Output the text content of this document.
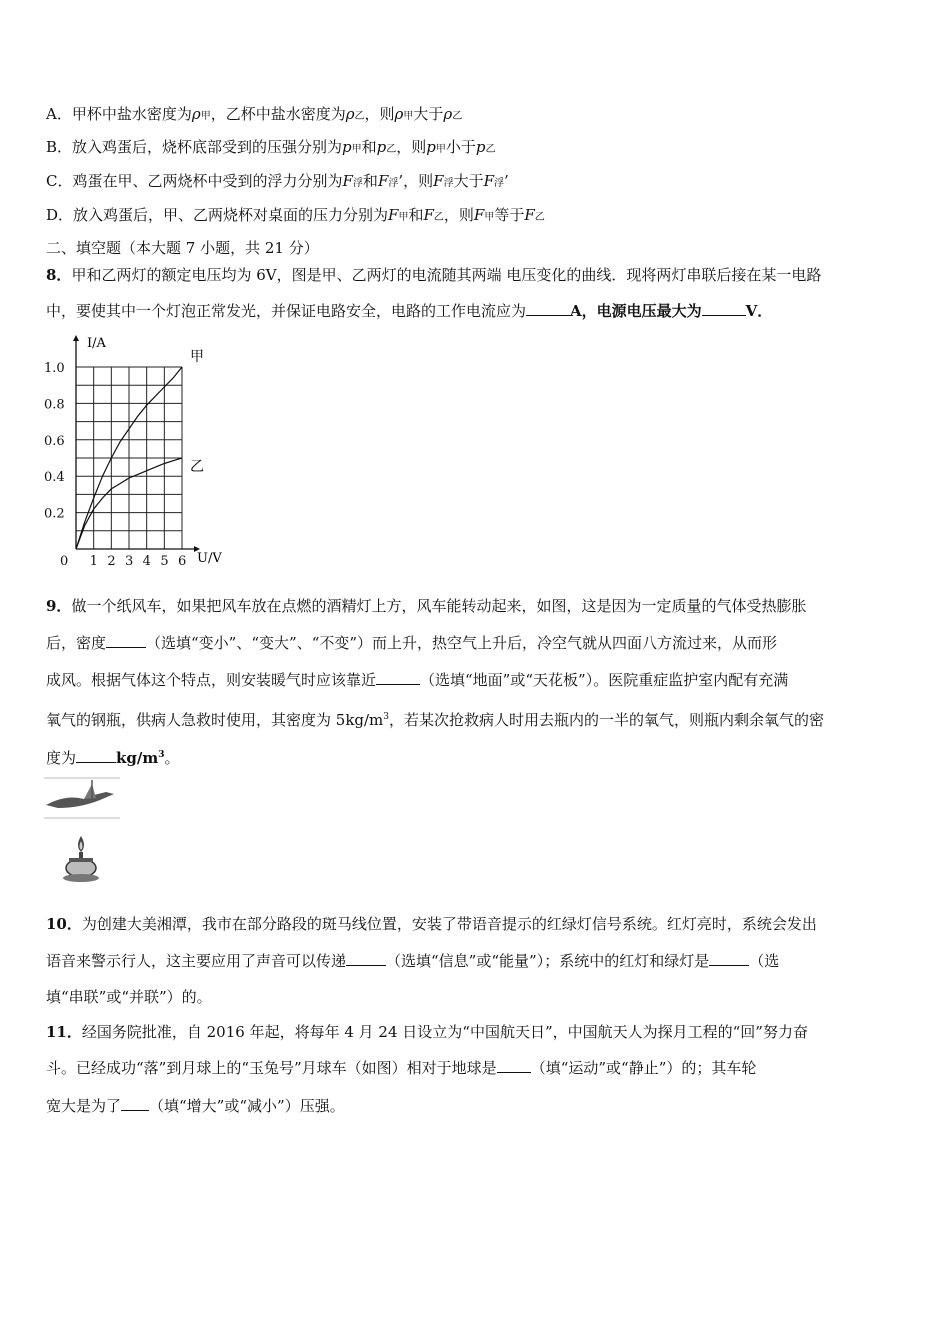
A．甲杯中盐水密度为ρ甲，乙杯中盐水密度为ρ乙，则ρ甲大于ρ乙
B．放入鸡蛋后，烧杯底部受到的压强分别为p甲和p乙，则p甲小于p乙
C．鸡蛋在甲、乙两烧杯中受到的浮力分别为F浮和F浮’，则F浮大于F浮’
D．放入鸡蛋后，甲、乙两烧杯对桌面的压力分别为F甲和F乙，则F甲等于F乙
二、填空题（本大题 7 小题，共 21 分）
8．甲和乙两灯的额定电压均为 6V，图是甲、乙两灯的电流随其两端 电压变化的曲线．现将两灯串联后接在某一电路
中，要使其中一个灯泡正常发光，并保证电路安全，电路的工作电流应为	A，电源电压最大为	V．
0 1 2 3 4 5 6
0.2
0.4
0.6
0.8
1.0
I/A
U/V
甲
乙
9．做一个纸风车，如果把风车放在点燃的酒精灯上方，风车能转动起来，如图，这是因为一定质量的气体受热膨胀
后，密度	（选填“变小”、“变大”、“不变”）而上升，热空气上升后，冷空气就从四面八方流过来，从而形
成风。根据气体这个特点，则安装暖气时应该靠近	（选填“地面”或“天花板”）。医院重症监护室内配有充满
氧气的钢瓶，供病人急救时使用，其密度为 $5kg/m^3$，若某次抢救病人时用去瓶内的一半的氧气，则瓶内剩余氧气的密
度为	$kg/m^3$。
10．为创建大美湘潭，我市在部分路段的斑马线位置，安装了带语音提示的红绿灯信号系统。红灯亮时，系统会发出
语音来警示行人，这主要应用了声音可以传递	（选填“信息”或“能量”）；系统中的红灯和绿灯是	（选
填“串联”或“并联”）的。
11．经国务院批准，自 2016 年起，将每年 4 月 24 日设立为“中国航天日”，中国航天人为探月工程的“回”努力奋
斗。已经成功“落”到月球上的“玉兔号”月球车（如图）相对于地球是 （填“运动”或“静止”）的；其车轮
宽大是为了 （填“增大”或“减小”）压强。
